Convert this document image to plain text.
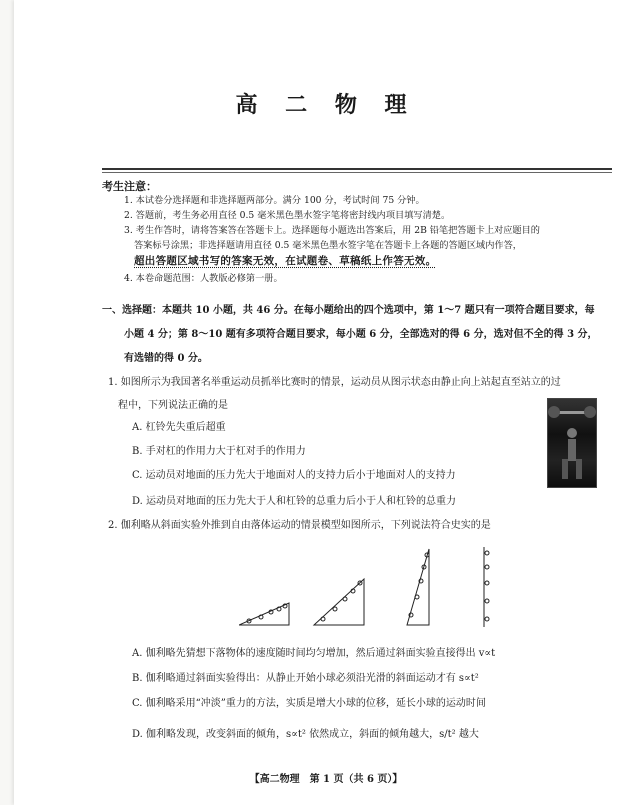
高 二 物 理
考生注意：
1. 本试卷分选择题和非选择题两部分。满分 100 分，考试时间 75 分钟。
2. 答题前，考生务必用直径 0.5 毫米黑色墨水签字笔将密封线内项目填写清楚。
3. 考生作答时，请将答案答在答题卡上。选择题每小题选出答案后，用 2B 铅笔把答题卡上对应题目的
答案标号涂黑；非选择题请用直径 0.5 毫米黑色墨水签字笔在答题卡上各题的答题区域内作答，
超出答题区域书写的答案无效，在试题卷、草稿纸上作答无效。
4. 本卷命题范围：人教版必修第一册。
一、选择题：本题共 10 小题，共 46 分。在每小题给出的四个选项中，第 1～7 题只有一项符合题目要求，每
小题 4 分；第 8～10 题有多项符合题目要求，每小题 6 分，全部选对的得 6 分，选对但不全的得 3 分，
有选错的得 0 分。
1. 如图所示为我国著名举重运动员抓举比赛时的情景，运动员从图示状态由静止向上站起直至站立的过
程中，下列说法正确的是
A. 杠铃先失重后超重
B. 手对杠的作用力大于杠对手的作用力
C. 运动员对地面的压力先大于地面对人的支持力后小于地面对人的支持力
D. 运动员对地面的压力先大于人和杠铃的总重力后小于人和杠铃的总重力
2. 伽利略从斜面实验外推到自由落体运动的情景模型如图所示，下列说法符合史实的是
A. 伽利略先猜想下落物体的速度随时间均匀增加，然后通过斜面实验直接得出 v∝t
B. 伽利略通过斜面实验得出：从静止开始小球必须沿光滑的斜面运动才有 s∝t²
C. 伽利略采用“冲淡”重力的方法，实质是增大小球的位移，延长小球的运动时间
D. 伽利略发现，改变斜面的倾角，s∝t² 依然成立，斜面的倾角越大，s/t² 越大
【高二物理　第 1 页（共 6 页）】
